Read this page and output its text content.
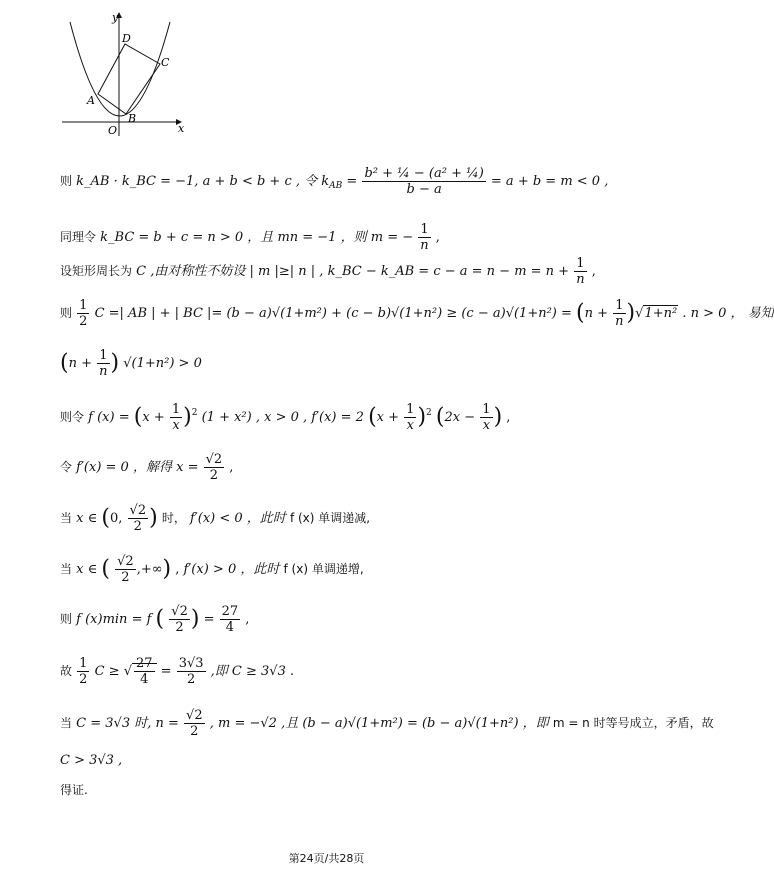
y
x
O
A
B
C
D
则 k_AB · k_BC = −1, a + b < b + c , 令 $k_{AB} = \frac{\text{b² + ¼ − (a² + ¼)}}{b - a} = a + b = m < 0$ ,
同理令 k_BC = b + c = n > 0 ，且 mn = −1 ，则 m = − $\frac{1}{n}$ ,
设矩形周长为 C ,由对称性不妨设 | m |≥| n | , k_BC − k_AB = $c - a = n - m = n + \frac{1}{n}$ ,
则 $\frac{1}{2}$ C =| AB | + | BC |= $(b - a)√(1+m^2) + (c - b)√(1+n^2) \ge (c - a)√(1+n^2) = (n + \frac{1}{n} )√1+n^2$ . n > 0 ， 易知
($n + \frac{1}{n}$ ) √(1+n²) > 0
则令 f $(x) = (x + \frac{1}{x} )^2$ (1 + x²) , x > 0 , f′(x) = 2 $(x + \frac{1}{x} )^2$ ($2x - \frac{1}{x}$ ) ,
令 f′(x) = 0 ，解得 $x = \frac{√2}{2}$ ,
当 x ∈ (0, $\frac{√2}{2}$ ) 时， f′(x) < 0 ，此时 f (x) 单调递减,
当 x ∈ ( $\frac{√2}{2}$ ,+∞) , f′(x) > 0 ，此时 f (x) 单调递增,
则 f (x)min = f ( $\frac{√2}{2}$ ) = $\frac{27}{4}$ ,
故 $\frac{1}{2}$ C ≥ √ $\frac{27}{4} = \frac{3√3}{2}$ ,即 C ≥ 3√3 .
当 C = 3√3 时, $n = \frac{√2}{2}$ , m = −√2 ,且 (b − a)√(1+m²) = (b − a)√(1+n²) ，即 m = n 时等号成立，矛盾，故
C > 3√3 ,
得证.
第24页/共28页
